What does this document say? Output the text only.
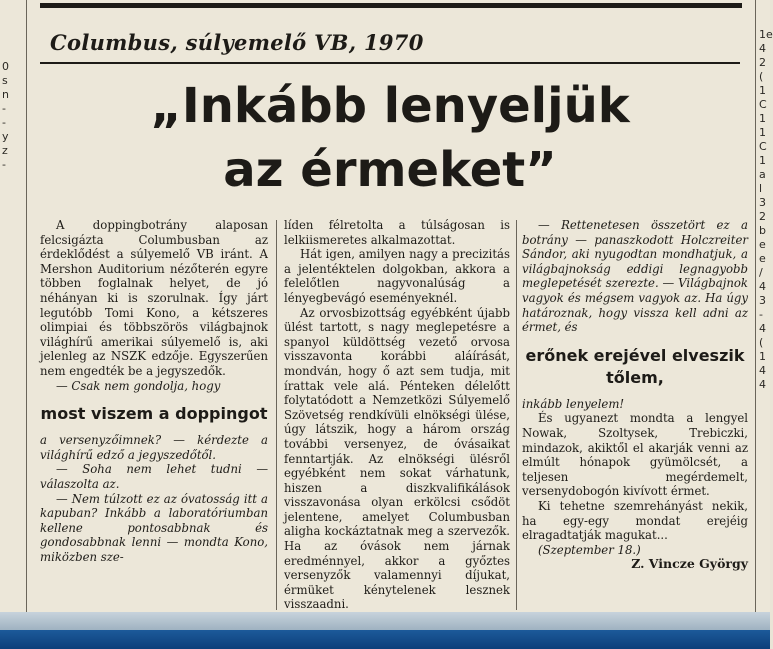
0
s
n
-
-
y
z
-
1e
4
2
(
1
C
1
1
C
1
a
l
3
2
b
e
e
/
4
3
-
4
(
1
4
4
Columbus, súlyemelő VB, 1970
„Inkább lenyeljük
az érmeket”

A doppingbotrány alaposan felcsigázta Columbusban az érdeklődést a súlyemelő VB iránt. A Mershon Auditorium nézőterén egyre többen foglalnak helyet, de jó néhányan ki is szorulnak. Így járt legutóbb Tomi Kono, a kétszeres olimpiai és többszörös világbajnok világhírű amerikai súlyemelő is, aki jelenleg az NSZK edzője. Egyszerűen nem engedték be a jegyszedők.

— Csak nem gondolja, hogy

most viszem a doppingot

a versenyzőimnek? — kérdezte a világhírű edző a jegyszedőtől.

— Soha nem lehet tudni — válaszolta az.

— Nem túlzott ez az óvatosság itt a kapuban? Inkább a laboratóriumban kellene pontosabbnak és gondosabbnak lenni — mondta Kono, miközben sze-

líden félretolta a túlságosan is lelkiismeretes alkalmazottat.

Hát igen, amilyen nagy a precizitás a jelentéktelen dolgokban, akkora a felelőtlen nagyvonalúság a lényegbevágó eseményeknél.

Az orvosbizottság egyébként újabb ülést tartott, s nagy meglepetésre a spanyol küldöttség vezető orvosa visszavonta korábbi aláírását, mondván, hogy ő azt sem tudja, mit írattak vele alá. Pénteken délelőtt folytatódott a Nemzetközi Súlyemelő Szövetség rendkívüli elnökségi ülése, úgy látszik, hogy a három ország további versenyez, de óvásaikat fenntartják. Az elnökségi ülésről egyébként nem sokat várhatunk, hiszen a diszkvalifikálások visszavonása olyan erkölcsi csődöt jelentene, amelyet Columbusban aligha kockáztatnak meg a szervezők. Ha az óvások nem járnak eredménnyel, akkor a győztes versenyzők valamennyi díjukat, érmüket kénytelenek lesznek visszaadni.

— Rettenetesen összetört ez a botrány — panaszkodott Holczreiter Sándor, aki nyugodtan mondhatjuk, a világbajnokság eddigi legnagyobb meglepetését szerezte. — Világbajnok vagyok és mégsem vagyok az. Ha úgy határoznak, hogy vissza kell adni az érmet, és

erőnek erejével elveszik tőlem,

inkább lenyelem!

És ugyanezt mondta a lengyel Nowak, Szoltysek, Trebiczki, mindazok, akiktől el akarják venni az elmúlt hónapok gyümölcsét, a teljesen megérdemelt, versenydobogón kivívott érmet.

Ki tehetne szemrehányást nekik, ha egy-egy mondat erejéig elragadtatják magukat...

(Szeptember 18.)

Z. Vincze György
